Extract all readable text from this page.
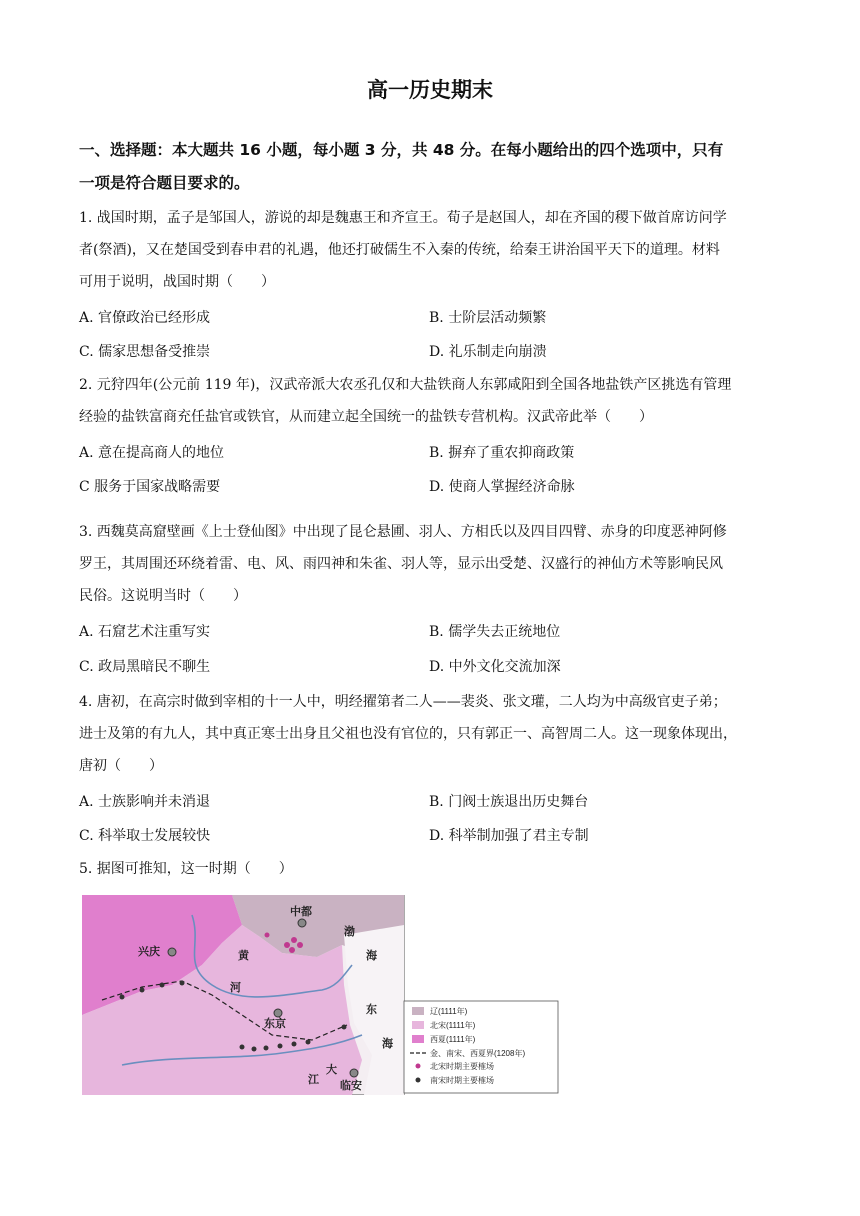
高一历史期末
一、选择题：本大题共 16 小题，每小题 3 分，共 48 分。在每小题给出的四个选项中，只有
一项是符合题目要求的。
1. 战国时期，孟子是邹国人，游说的却是魏惠王和齐宣王。荀子是赵国人，却在齐国的稷下做首席访问学
者(祭酒)，又在楚国受到春申君的礼遇，他还打破儒生不入秦的传统，给秦王讲治国平天下的道理。材料
可用于说明，战国时期（　　）
A. 官僚政治已经形成	B. 士阶层活动频繁
C. 儒家思想备受推崇	D. 礼乐制走向崩溃
2. 元狩四年(公元前 119 年)，汉武帝派大农丞孔仅和大盐铁商人东郭咸阳到全国各地盐铁产区挑选有管理
经验的盐铁富商充任盐官或铁官，从而建立起全国统一的盐铁专营机构。汉武帝此举（　　）
A. 意在提高商人的地位	B. 摒弃了重农抑商政策
C 服务于国家战略需要	D. 使商人掌握经济命脉
3. 西魏莫高窟壁画《上士登仙图》中出现了昆仑悬圃、羽人、方相氏以及四目四臂、赤身的印度恶神阿修
罗王，其周围还环绕着雷、电、风、雨四神和朱雀、羽人等，显示出受楚、汉盛行的神仙方术等影响民风
民俗。这说明当时（　　）
A. 石窟艺术注重写实	B. 儒学失去正统地位
C. 政局黑暗民不聊生	D. 中外文化交流加深
4. 唐初，在高宗时做到宰相的十一人中，明经擢第者二人——裴炎、张文瓘，二人均为中高级官吏子弟；
进士及第的有九人，其中真正寒士出身且父祖也没有官位的，只有郭正一、高智周二人。这一现象体现出，
唐初（　　）
A. 士族影响并未消退	B. 门阀士族退出历史舞台
C. 科举取士发展较快	D. 科举制加强了君主专制
5. 据图可推知，这一时期（　　）
中都
兴庆
东京
临安
渤
海
东
海
黄
河
大
江
辽(1111年)
北宋(1111年)
西夏(1111年)
金、南宋、西夏界(1208年)
北宋时期主要榷场
南宋时期主要榷场
